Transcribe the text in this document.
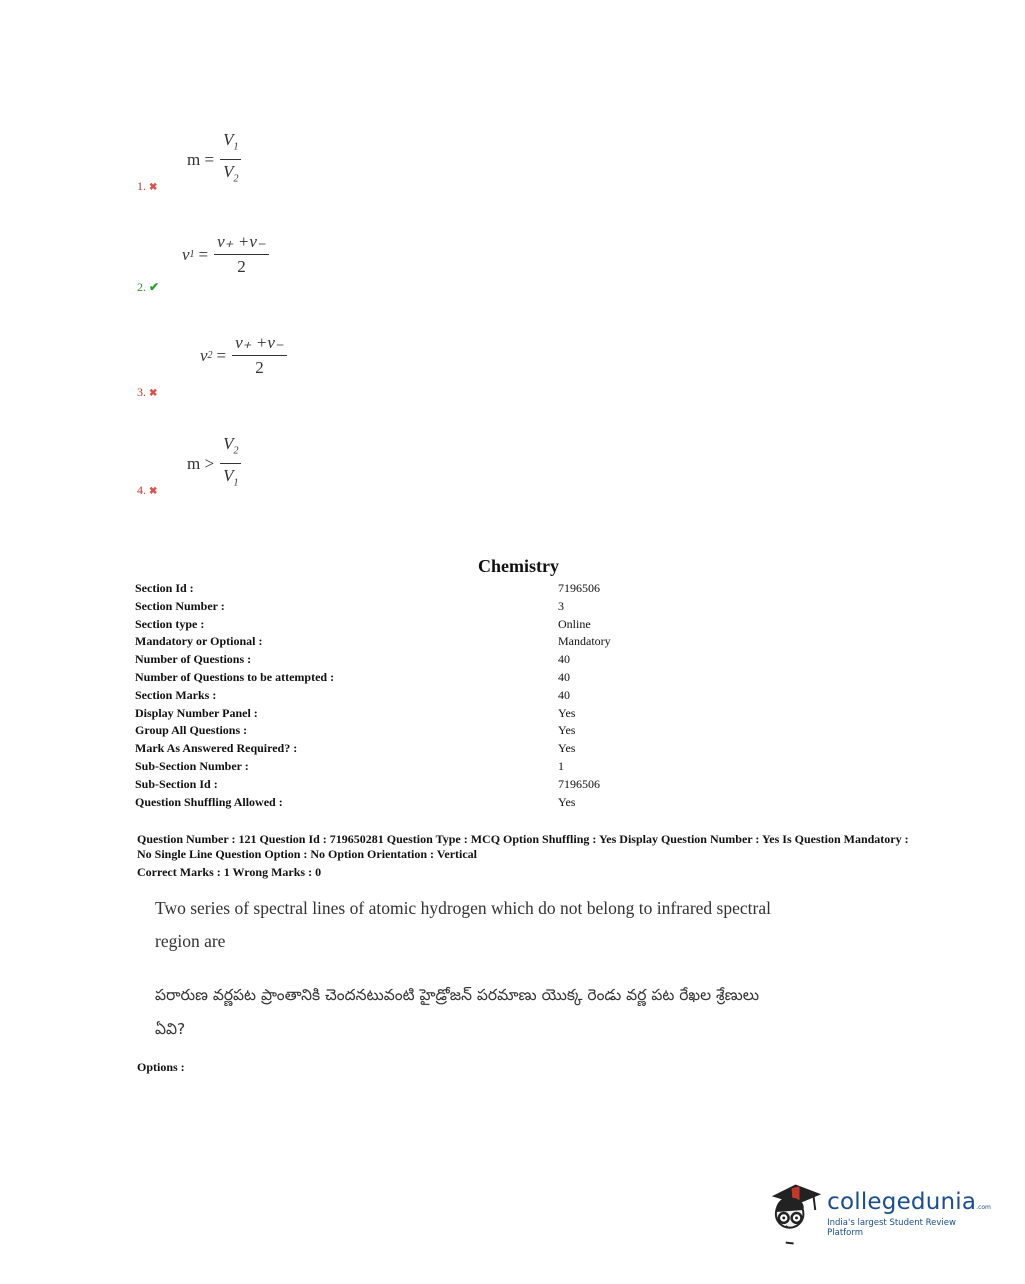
$m = \frac{V_1}{V_2}$
1. ✖
ν $1 = \frac{\nu_+ +\nu_-}{2}$
2. ✔
ν $2 = \frac{\nu_+ +\nu_-}{2}$
3. ✖
$m > \frac{V_2}{V_1}$
4. ✖
Chemistry
Section Id :	7196506
Section Number :	3
Section type :	Online
Mandatory or Optional :	Mandatory
Number of Questions :	40
Number of Questions to be attempted :	40
Section Marks :	40
Display Number Panel :	Yes
Group All Questions :	Yes
Mark As Answered Required? :	Yes
Sub-Section Number :	1
Sub-Section Id :	7196506
Question Shuffling Allowed :	Yes
Question Number : 121 Question Id : 719650281 Question Type : MCQ Option Shuffling : Yes Display Question Number : Yes Is Question Mandatory : No Single Line Question Option : No Option Orientation : Vertical
Correct Marks : 1 Wrong Marks : 0
Two series of spectral lines of atomic hydrogen which do not belong to infrared spectral
region are
పరారుణ వర్ణపట ప్రాంతానికి చెందనటువంటి హైడ్రోజన్ పరమాణు యొక్క రెండు వర్ణ పట రేఖల శ్రేణులు
ఏవి?
Options :
collegedunia .com
India's largest Student Review Platform
